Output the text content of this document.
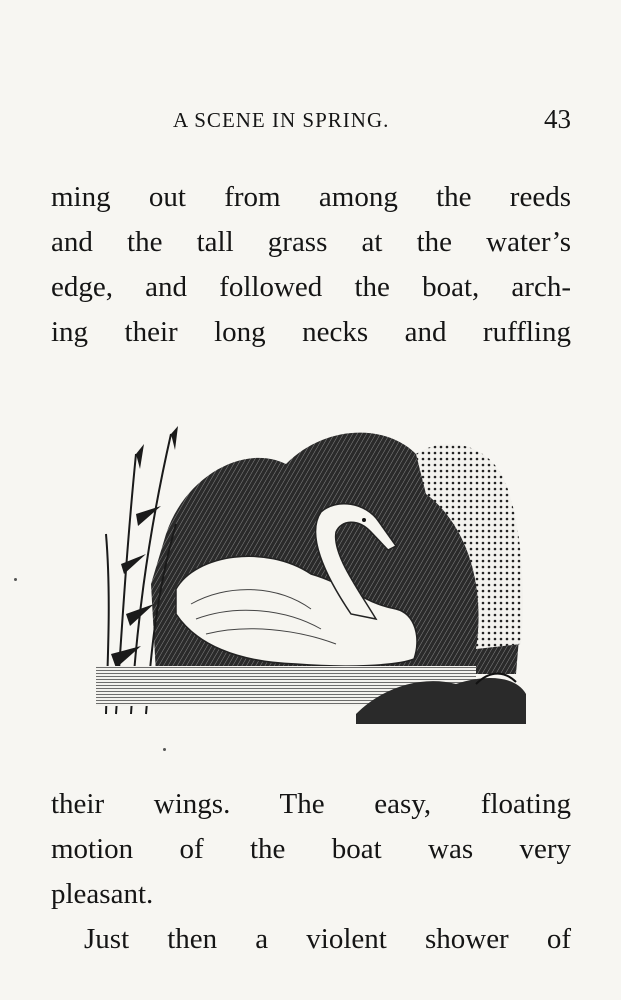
A SCENE IN SPRING.	43
ming out from among the reeds
and the tall grass at the water’s
edge, and followed the boat, arch-
ing their long necks and ruffling
their wings. The easy, floating
motion of the boat was very
pleasant.
Just then a violent shower of
